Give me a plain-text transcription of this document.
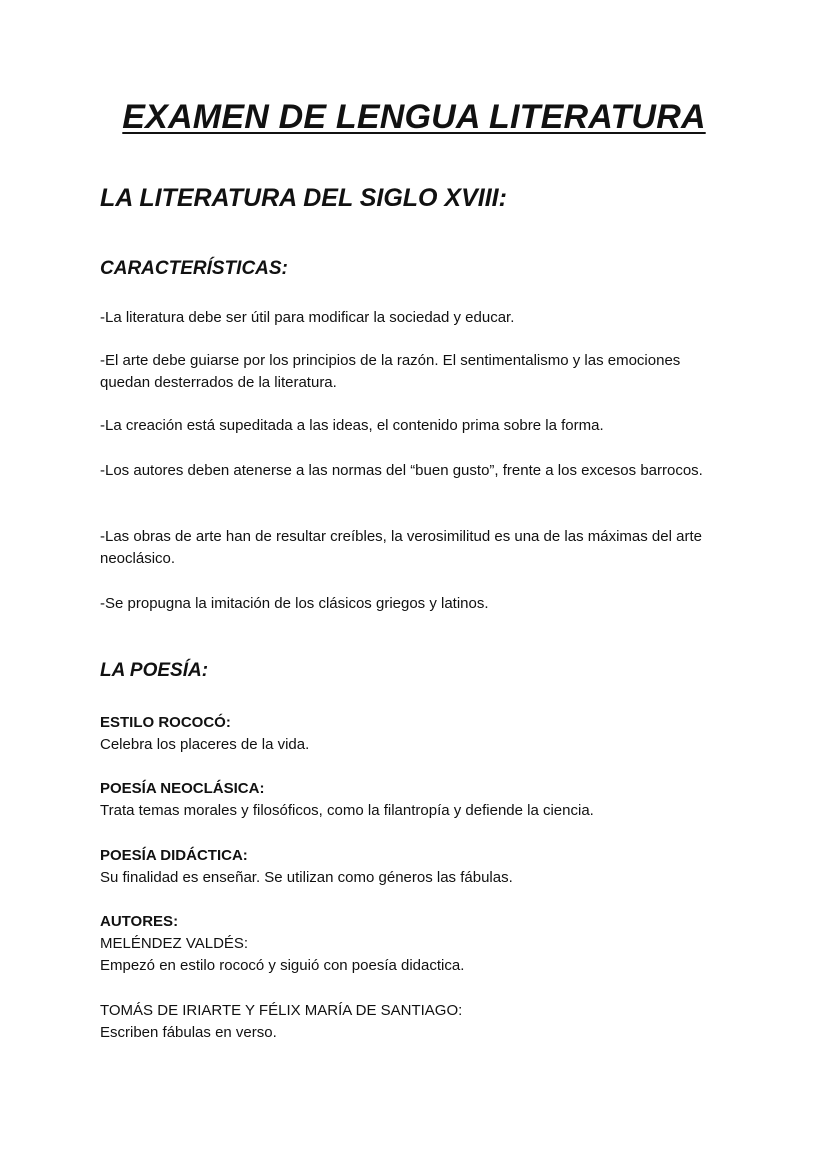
EXAMEN DE LENGUA LITERATURA
LA LITERATURA DEL SIGLO XVIII:
CARACTERÍSTICAS:

-La literatura debe ser útil para modificar la sociedad y educar.

-El arte debe guiarse por los principios de la razón. El sentimentalismo y las emociones quedan desterrados de la literatura.

-La creación está supeditada a las ideas, el contenido prima sobre la forma.

-Los autores deben atenerse a las normas del “buen gusto”, frente a los excesos barrocos.

-Las obras de arte han de resultar creíbles, la verosimilitud es una de las máximas del arte neoclásico.

-Se propugna la imitación de los clásicos griegos y latinos.

LA POESÍA:

ESTILO ROCOCÓ:

Celebra los placeres de la vida.

POESÍA NEOCLÁSICA:

Trata temas morales y filosóficos, como la filantropía y defiende la ciencia.

POESÍA DIDÁCTICA:

Su finalidad es enseñar. Se utilizan como géneros las fábulas.

AUTORES:

MELÉNDEZ VALDÉS:

Empezó en estilo rococó y siguió con poesía didactica.

TOMÁS DE IRIARTE Y FÉLIX MARÍA DE SANTIAGO:

Escriben fábulas en verso.
